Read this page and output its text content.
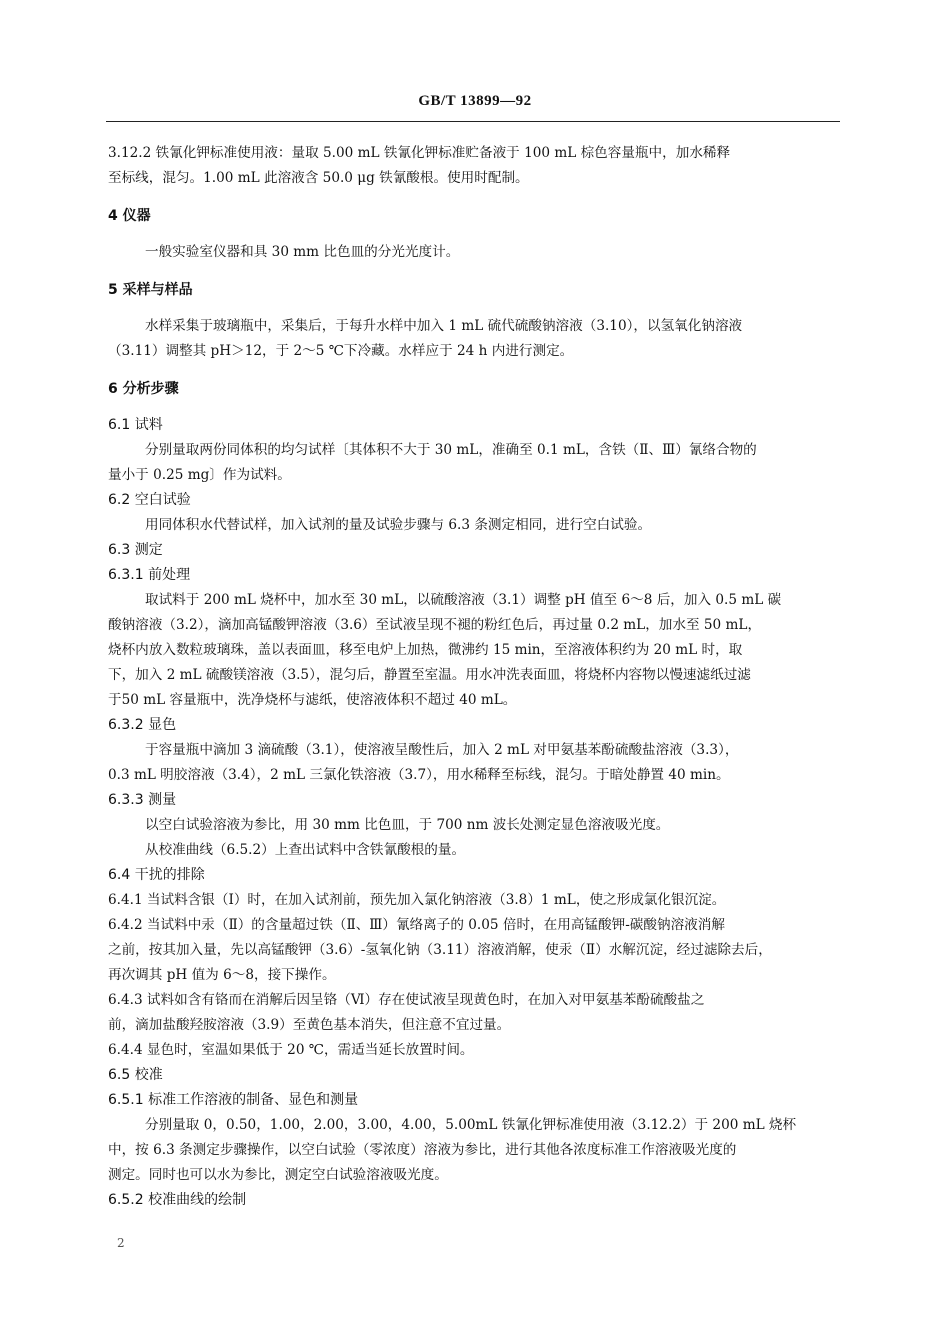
GB/T 13899—92
3.12.2 铁氰化钾标准使用液：量取 5.00 mL 铁氰化钾标准贮备液于 100 mL 棕色容量瓶中，加水稀释
至标线，混匀。1.00 mL 此溶液含 50.0 μg 铁氰酸根。使用时配制。
4 仪器
一般实验室仪器和具 30 mm 比色皿的分光光度计。
5 采样与样品
水样采集于玻璃瓶中，采集后，于每升水样中加入 1 mL 硫代硫酸钠溶液（3.10），以氢氧化钠溶液
（3.11）调整其 pH＞12，于 2～5 ℃下冷藏。水样应于 24 h 内进行测定。
6 分析步骤
6.1 试料
分别量取两份同体积的均匀试样〔其体积不大于 30 mL，准确至 0.1 mL，含铁（Ⅱ、Ⅲ）氰络合物的
量小于 0.25 mg〕作为试料。
6.2 空白试验
用同体积水代替试样，加入试剂的量及试验步骤与 6.3 条测定相同，进行空白试验。
6.3 测定
6.3.1 前处理
取试料于 200 mL 烧杯中，加水至 30 mL，以硫酸溶液（3.1）调整 pH 值至 6～8 后，加入 0.5 mL 碳
酸钠溶液（3.2），滴加高锰酸钾溶液（3.6）至试液呈现不褪的粉红色后，再过量 0.2 mL，加水至 50 mL，
烧杯内放入数粒玻璃珠，盖以表面皿，移至电炉上加热，微沸约 15 min，至溶液体积约为 20 mL 时，取
下，加入 2 mL 硫酸镁溶液（3.5），混匀后，静置至室温。用水冲洗表面皿，将烧杯内容物以慢速滤纸过滤
于50 mL 容量瓶中，洗净烧杯与滤纸，使溶液体积不超过 40 mL。
6.3.2 显色
于容量瓶中滴加 3 滴硫酸（3.1），使溶液呈酸性后，加入 2 mL 对甲氨基苯酚硫酸盐溶液（3.3），
0.3 mL 明胶溶液（3.4），2 mL 三氯化铁溶液（3.7），用水稀释至标线，混匀。于暗处静置 40 min。
6.3.3 测量
以空白试验溶液为参比，用 30 mm 比色皿，于 700 nm 波长处测定显色溶液吸光度。
从校准曲线（6.5.2）上查出试料中含铁氰酸根的量。
6.4 干扰的排除
6.4.1 当试料含银（Ⅰ）时，在加入试剂前，预先加入氯化钠溶液（3.8）1 mL，使之形成氯化银沉淀。
6.4.2 当试料中汞（Ⅱ）的含量超过铁（Ⅱ、Ⅲ）氰络离子的 0.05 倍时，在用高锰酸钾-碳酸钠溶液消解
之前，按其加入量，先以高锰酸钾（3.6）-氢氧化钠（3.11）溶液消解，使汞（Ⅱ）水解沉淀，经过滤除去后，
再次调其 pH 值为 6～8，接下操作。
6.4.3 试料如含有铬而在消解后因呈铬（Ⅵ）存在使试液呈现黄色时，在加入对甲氨基苯酚硫酸盐之
前，滴加盐酸羟胺溶液（3.9）至黄色基本消失，但注意不宜过量。
6.4.4 显色时，室温如果低于 20 ℃，需适当延长放置时间。
6.5 校准
6.5.1 标准工作溶液的制备、显色和测量
分别量取 0，0.50，1.00，2.00，3.00，4.00，5.00mL 铁氰化钾标准使用液（3.12.2）于 200 mL 烧杯
中，按 6.3 条测定步骤操作，以空白试验（零浓度）溶液为参比，进行其他各浓度标准工作溶液吸光度的
测定。同时也可以水为参比，测定空白试验溶液吸光度。
6.5.2 校准曲线的绘制
2
